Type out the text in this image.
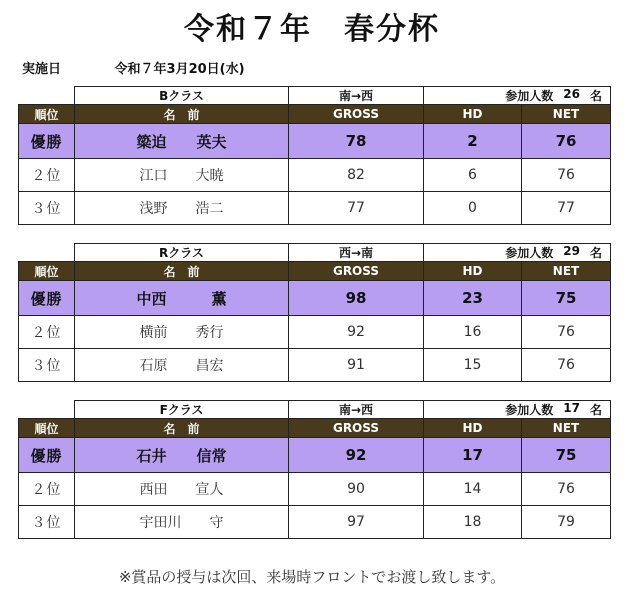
令和７年　春分杯
実施日	令和７年3月20日(水)
	Bクラス	南→西	参加人数 26 名	

順位	名　前	GROSS	HD	NET
優勝	簗迫　　英夫	78	2	76
２位	江口　　大暁	82	6	76
３位	浅野　　浩二	77	0	77
	Rクラス	西→南	参加人数 29 名	

順位	名　前	GROSS	HD	NET
優勝	中西　　　薫	98	23	75
２位	横前　　秀行	92	16	76
３位	石原　　昌宏	91	15	76
	Fクラス	南→西	参加人数 17 名	

順位	名　前	GROSS	HD	NET
優勝	石井　　信常	92	17	75
２位	西田　　宣人	90	14	76
３位	宇田川　　守	97	18	79
※賞品の授与は次回、来場時フロントでお渡し致します。
